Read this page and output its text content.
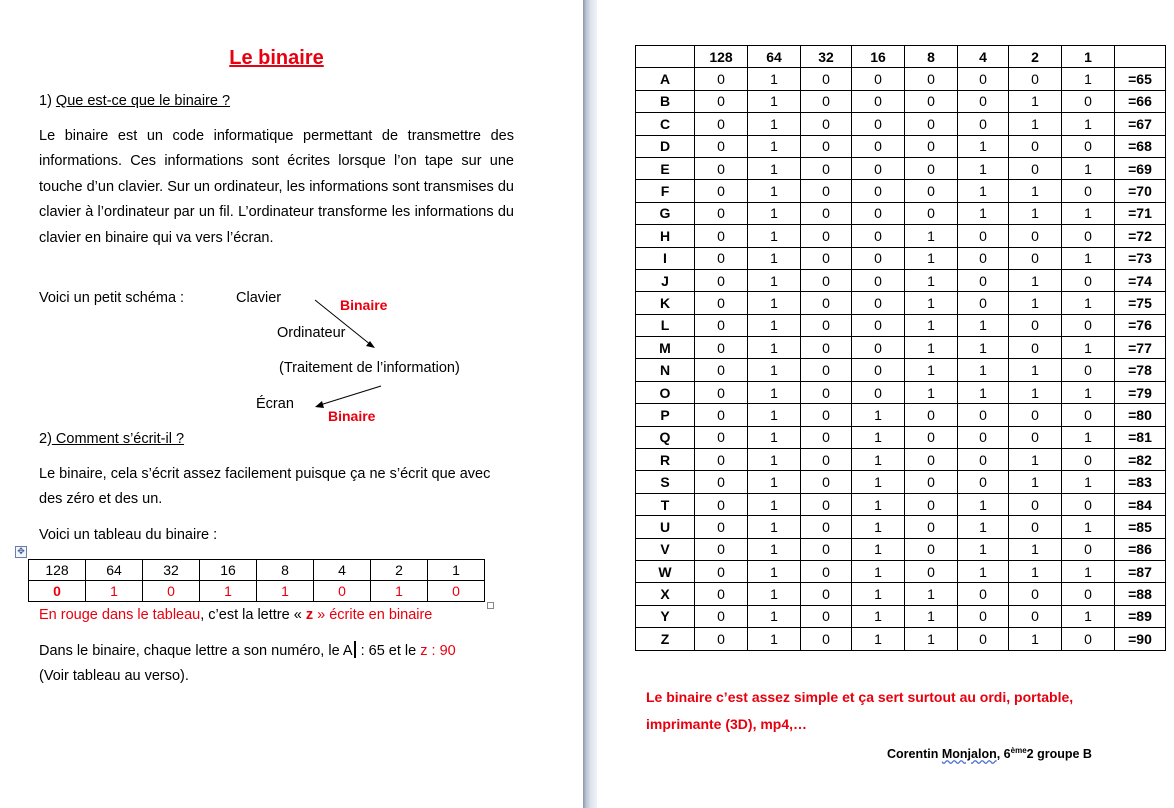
Le binaire
1) Que est-ce que le binaire ?
Le binaire est un code informatique permettant de transmettre des informations. Ces informations sont écrites lorsque l’on tape sur une touche d’un clavier. Sur un ordinateur, les informations sont transmises du clavier à l’ordinateur par un fil. L’ordinateur transforme les informations du clavier en binaire qui va vers l’écran.
Voici un petit schéma :	Clavier	Binaire
Ordinateur
(Traitement de l’information)
Écran
Binaire
2) Comment s’écrit-il ?
Le binaire, cela s’écrit assez facilement puisque ça ne s’écrit que avec des zéro et des un.
Voici un tableau du binaire :
✥
128	64	32	16	8	4	2	1
0	1	0	1	1	0	1	0
En rouge dans le tableau, c’est la lettre « z » écrite en binaire
Dans le binaire, chaque lettre a son numéro, le A : 65 et le z : 90
(Voir tableau au verso).
	128	64	32	16	8	4	2	1	
A	0	1	0	0	0	0	0	1	=65
B	0	1	0	0	0	0	1	0	=66
C	0	1	0	0	0	0	1	1	=67
D	0	1	0	0	0	1	0	0	=68
E	0	1	0	0	0	1	0	1	=69
F	0	1	0	0	0	1	1	0	=70
G	0	1	0	0	0	1	1	1	=71
H	0	1	0	0	1	0	0	0	=72
I	0	1	0	0	1	0	0	1	=73
J	0	1	0	0	1	0	1	0	=74
K	0	1	0	0	1	0	1	1	=75
L	0	1	0	0	1	1	0	0	=76
M	0	1	0	0	1	1	0	1	=77
N	0	1	0	0	1	1	1	0	=78
O	0	1	0	0	1	1	1	1	=79
P	0	1	0	1	0	0	0	0	=80
Q	0	1	0	1	0	0	0	1	=81
R	0	1	0	1	0	0	1	0	=82
S	0	1	0	1	0	0	1	1	=83
T	0	1	0	1	0	1	0	0	=84
U	0	1	0	1	0	1	0	1	=85
V	0	1	0	1	0	1	1	0	=86
W	0	1	0	1	0	1	1	1	=87
X	0	1	0	1	1	0	0	0	=88
Y	0	1	0	1	1	0	0	1	=89
Z	0	1	0	1	1	0	1	0	=90
Le binaire c’est assez simple et ça sert surtout au ordi, portable, imprimante (3D), mp4,…
Corentin Monjalon, 6ème2 groupe B
